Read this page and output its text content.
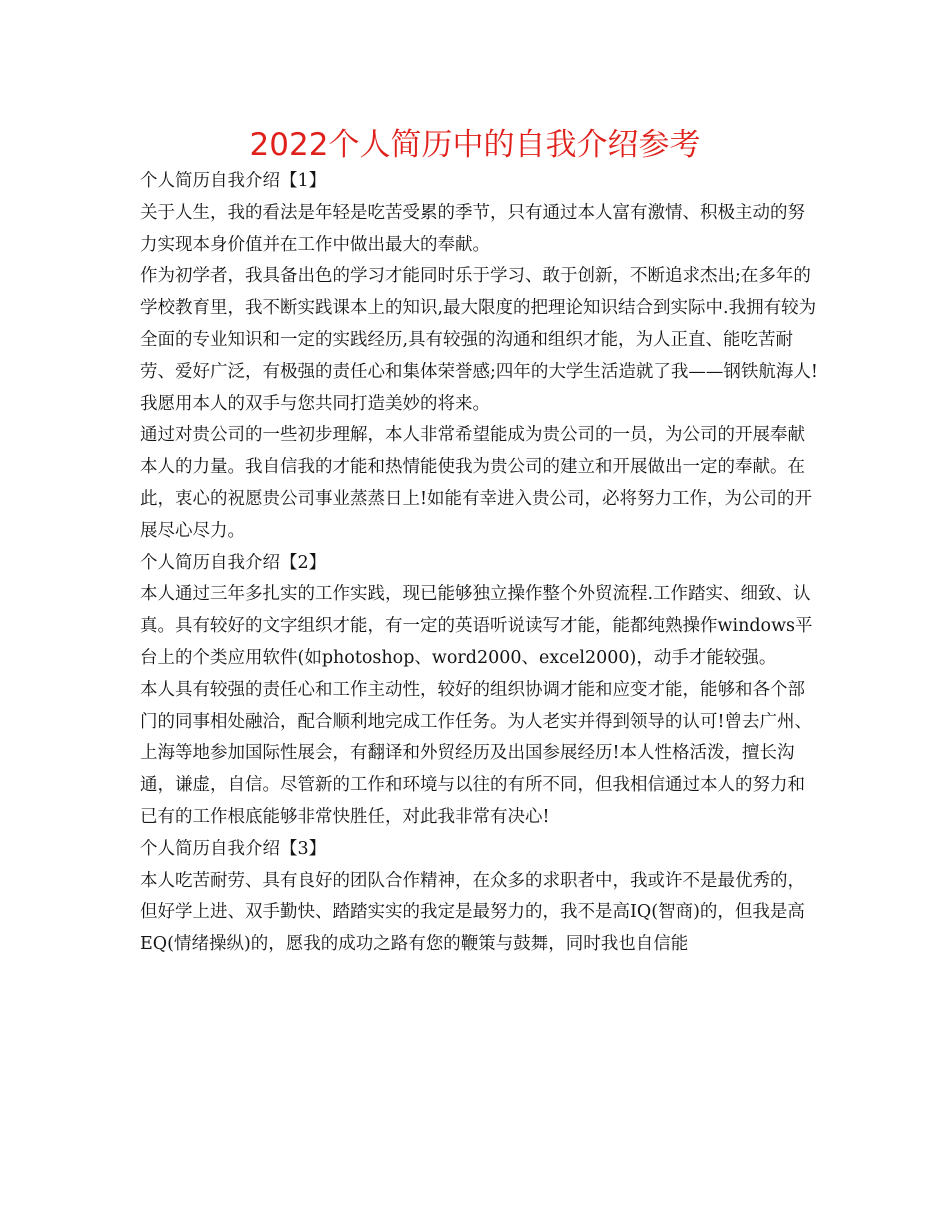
2022个人简历中的自我介绍参考

个人简历自我介绍【1】

关于人生，我的看法是年轻是吃苦受累的季节，只有通过本人富有激情、积极主动的努力实现本身价值并在工作中做出最大的奉献。

作为初学者，我具备出色的学习才能同时乐于学习、敢于创新，不断追求杰出;在多年的学校教育里，我不断实践课本上的知识,最大限度的把理论知识结合到实际中.我拥有较为全面的专业知识和一定的实践经历,具有较强的沟通和组织才能，为人正直、能吃苦耐劳、爱好广泛，有极强的责任心和集体荣誉感;四年的大学生活造就了我——钢铁航海人!我愿用本人的双手与您共同打造美妙的将来。

通过对贵公司的一些初步理解，本人非常希望能成为贵公司的一员，为公司的开展奉献本人的力量。我自信我的才能和热情能使我为贵公司的建立和开展做出一定的奉献。在此，衷心的祝愿贵公司事业蒸蒸日上!如能有幸进入贵公司，必将努力工作，为公司的开展尽心尽力。

个人简历自我介绍【2】

本人通过三年多扎实的工作实践，现已能够独立操作整个外贸流程.工作踏实、细致、认真。具有较好的文字组织才能，有一定的英语听说读写才能，能都纯熟操作windows平台上的个类应用软件(如photoshop、word2000、excel2000)，动手才能较强。

本人具有较强的责任心和工作主动性，较好的组织协调才能和应变才能，能够和各个部门的同事相处融洽，配合顺利地完成工作任务。为人老实并得到领导的认可!曾去广州、上海等地参加国际性展会，有翻译和外贸经历及出国参展经历!本人性格活泼，擅长沟通，谦虚，自信。尽管新的工作和环境与以往的有所不同，但我相信通过本人的努力和已有的工作根底能够非常快胜任，对此我非常有决心!

个人简历自我介绍【3】

本人吃苦耐劳、具有良好的团队合作精神，在众多的求职者中，我或许不是最优秀的，但好学上进、双手勤快、踏踏实实的我定是最努力的，我不是高IQ(智商)的，但我是高EQ(情绪操纵)的，愿我的成功之路有您的鞭策与鼓舞，同时我也自信能
